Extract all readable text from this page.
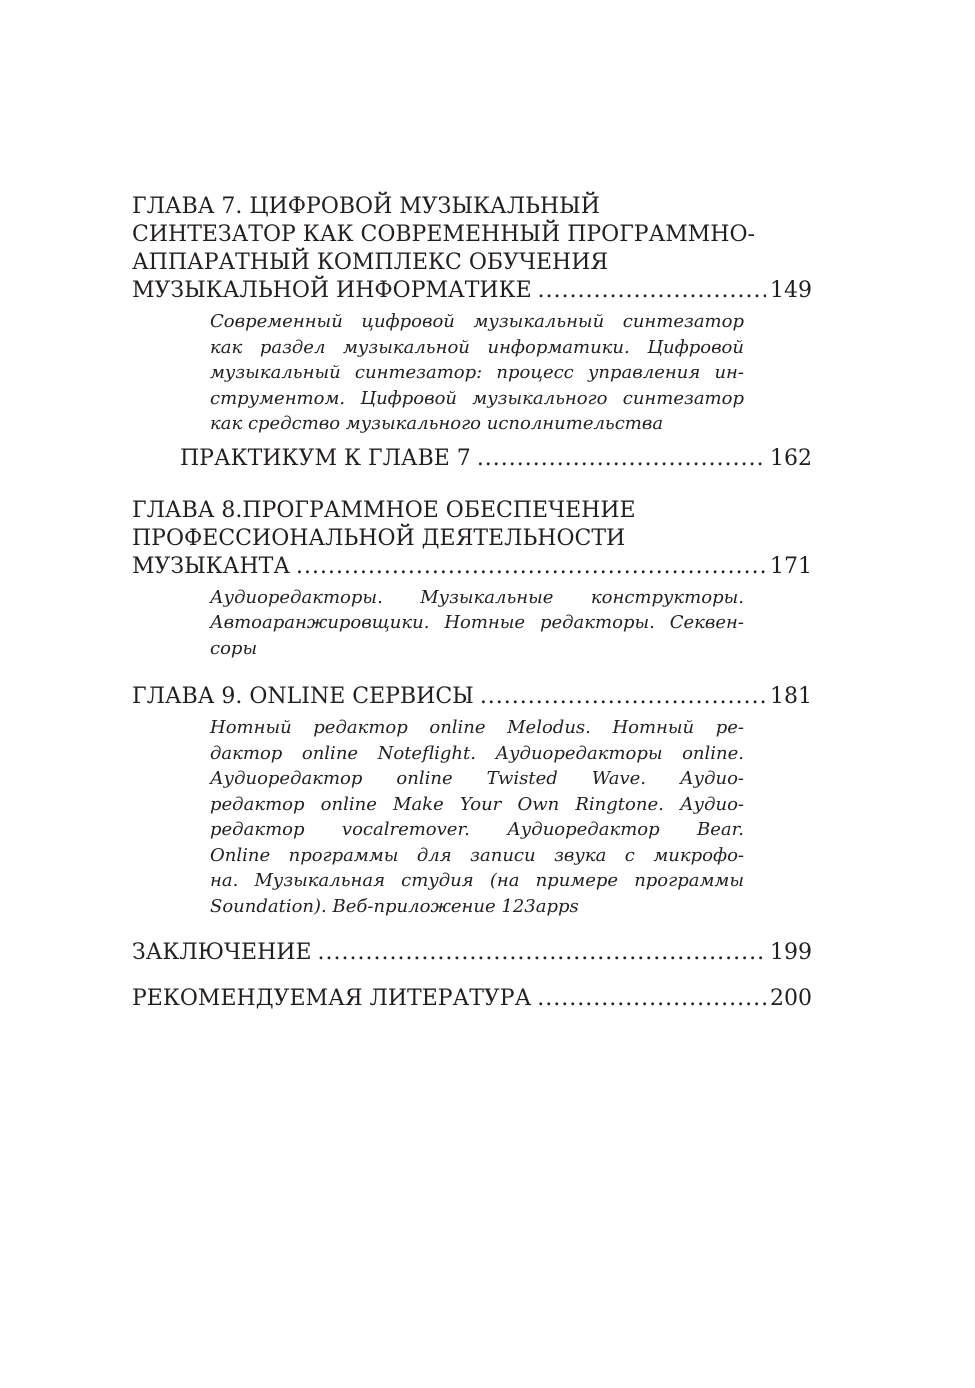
ГЛАВА 7. ЦИФРОВОЙ МУЗЫКАЛЬНЫЙ
СИНТЕЗАТОР КАК СОВРЕМЕННЫЙ ПРОГРАММНО-
АППАРАТНЫЙ КОМПЛЕКС ОБУЧЕНИЯ
МУЗЫКАЛЬНОЙ ИНФОРМАТИКЕ .....	149
Современный цифровой музыкальный синтезатор
как раздел музыкальной информатики. Цифровой
музыкальный синтезатор: процесс управления ин-
струментом. Цифровой музыкального синтезатор
как средство музыкального исполнительства
ПРАКТИКУМ К ГЛАВЕ 7 .....	162
ГЛАВА 8.ПРОГРАММНОЕ ОБЕСПЕЧЕНИЕ
ПРОФЕССИОНАЛЬНОЙ ДЕЯТЕЛЬНОСТИ
МУЗЫКАНТА .....	171
Аудиоредакторы. Музыкальные конструкторы.
Автоаранжировщики. Нотные редакторы. Секвен-
соры
ГЛАВА 9. ONLINE СЕРВИСЫ .....	181
Нотный редактор online Melodus. Нотный ре-
дактор online Noteflight. Аудиоредакторы online.
Аудиоредактор online Twisted Wave. Аудио-
редактор online Make Your Own Ringtone. Аудио-
редактор vocalremover. Аудиоредактор Bear.
Online программы для записи звука с микрофо-
на. Музыкальная студия (на примере программы
Soundation). Веб-приложение 123apps
ЗАКЛЮЧЕНИЕ .....	199
РЕКОМЕНДУЕМАЯ ЛИТЕРАТУРА .....	200
